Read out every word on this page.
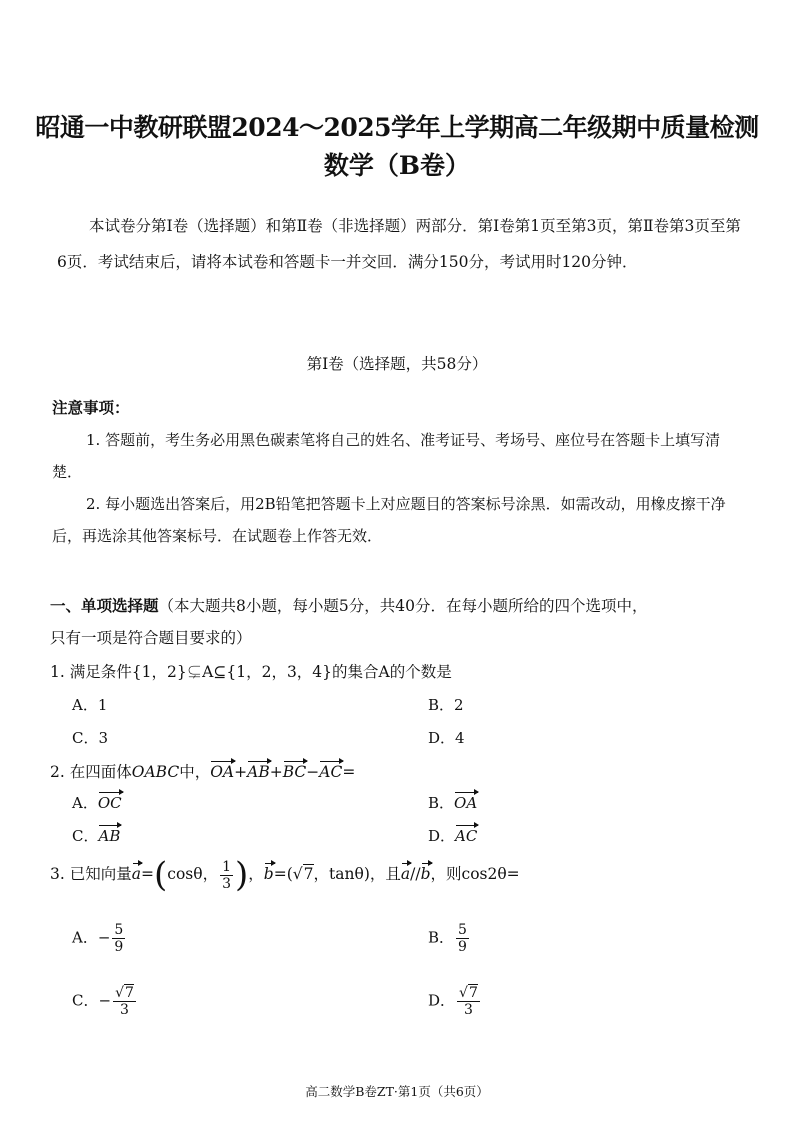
昭通一中教研联盟2024～2025学年上学期高二年级期中质量检测
数学（B卷）
本试卷分第Ⅰ卷（选择题）和第Ⅱ卷（非选择题）两部分．第Ⅰ卷第1页至第3页，第Ⅱ卷第3页至第6页．考试结束后，请将本试卷和答题卡一并交回．满分150分，考试用时120分钟．
第Ⅰ卷（选择题，共58分）
注意事项：
1. 答题前，考生务必用黑色碳素笔将自己的姓名、准考证号、考场号、座位号在答题卡上填写清楚．
2. 每小题选出答案后，用2B铅笔把答题卡上对应题目的答案标号涂黑．如需改动，用橡皮擦干净后，再选涂其他答案标号．在试题卷上作答无效．
一、单项选择题（本大题共8小题，每小题5分，共40分．在每小题所给的四个选项中，
只有一项是符合题目要求的）
1. 满足条件{1，2}⊊A⊆{1，2，3，4}的集合A的个数是
A．1	B．2
C．3	D．4
2. 在四面体OABC中，OA+AB+BC−AC=
A．OC	B．OA
C．AB	D．AC
3. 已知向量a=(cosθ， $\frac{1}{3}$ )，b=(√7，tanθ)，且a//b，则cos2θ=
A．− $\frac{5}{9}$	B． $\frac{5}{9}$
C．− $\frac{√7}{3}$	D． $\frac{√7}{3}$
高二数学B卷ZT·第1页（共6页）
